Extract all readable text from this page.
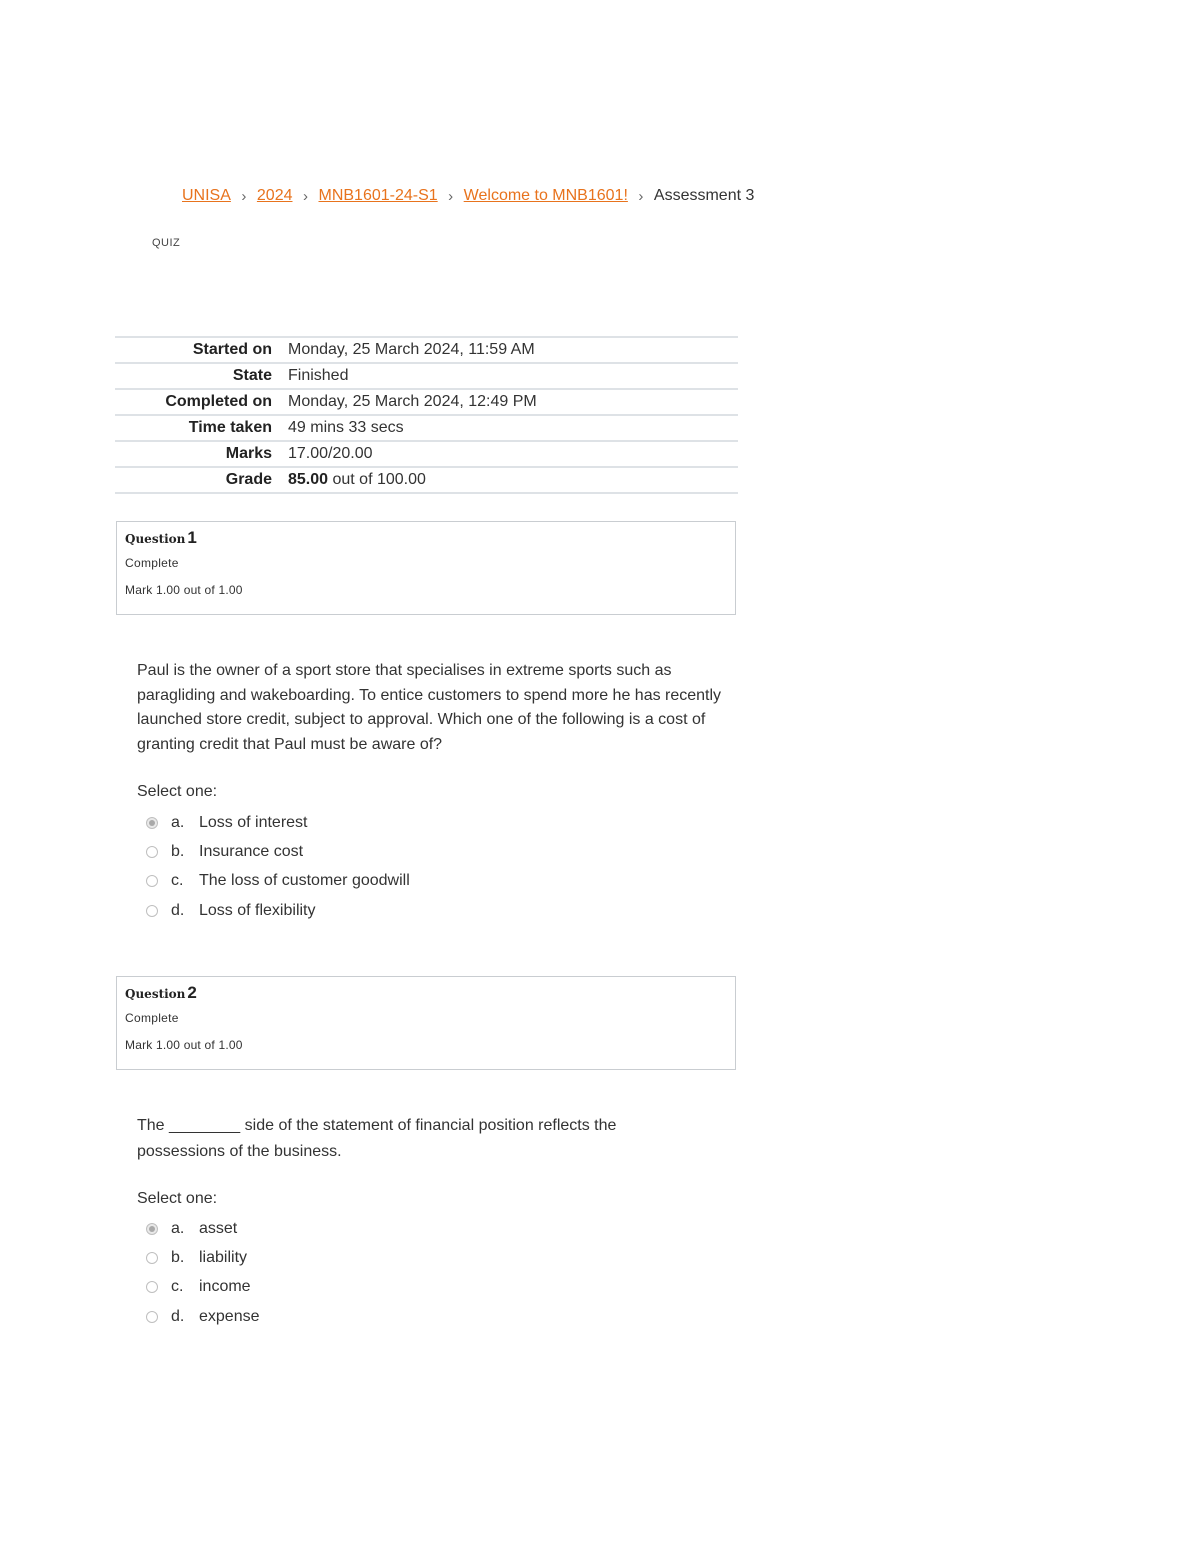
UNISA › 2024 › MNB1601-24-S1 › Welcome to MNB1601! › Assessment 3
QUIZ
Started on	Monday, 25 March 2024, 11:59 AM
State	Finished
Completed on	Monday, 25 March 2024, 12:49 PM
Time taken	49 mins 33 secs
Marks	17.00/20.00
Grade	85.00 out of 100.00
Question 1
Complete
Mark 1.00 out of 1.00
Paul is the owner of a sport store that specialises in extreme sports such as paragliding and wakeboarding. To entice customers to spend more he has recently launched store credit, subject to approval. Which one of the following is a cost of granting credit that Paul must be aware of?
Select one:
a. Loss of interest
b. Insurance cost
c. The loss of customer goodwill
d. Loss of flexibility
Question 2
Complete
Mark 1.00 out of 1.00
The ________ side of the statement of financial position reflects the possessions of the business.
Select one:
a. asset
b. liability
c. income
d. expense
